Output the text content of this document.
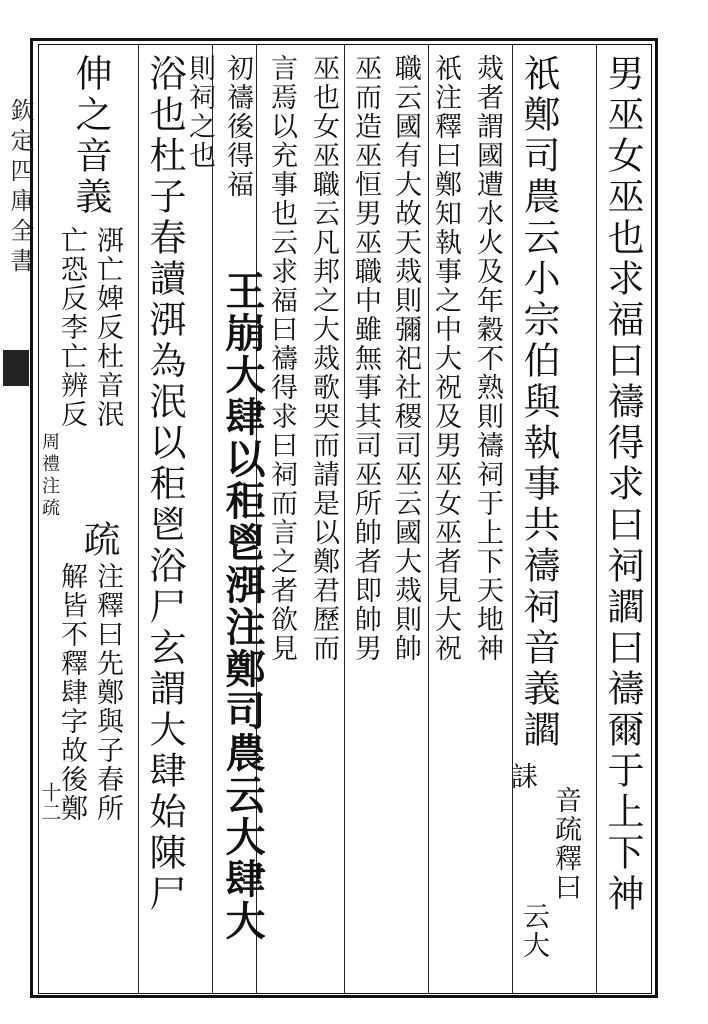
欽定四庫全書
周禮注疏
十二	男巫女巫也求福曰禱得求曰祠讇曰禱爾于上下神
祇鄭司農云小宗伯與執事共禱祠音義讇
音疏釋曰
誄
云大
烖者謂國遭水火及年穀不熟則禱祠于上下天地神
祇注釋曰鄭知執事之中大祝及男巫女巫者見大祝
職云國有大故天烖則彌祀社稷司巫云國大烖則帥
巫而造巫恒男巫職中雖無事其司巫所帥者即帥男
巫也女巫職云凡邦之大烖歌哭而請是以鄭君歷而
言焉以充事也云求福曰禱得求曰祠而言之者欲見
初禱後得福
王崩大肆以秬鬯渳注鄭司農云大肆大
則祠之也
浴也杜子春讀渳為泯以秬鬯浴尸玄謂大肆始陳尸
伸之音義
渳亡婢反杜音泯
疏
注釋曰先鄭與子春所
亡恐反李亡辨反
解皆不釋肆字故後鄭
